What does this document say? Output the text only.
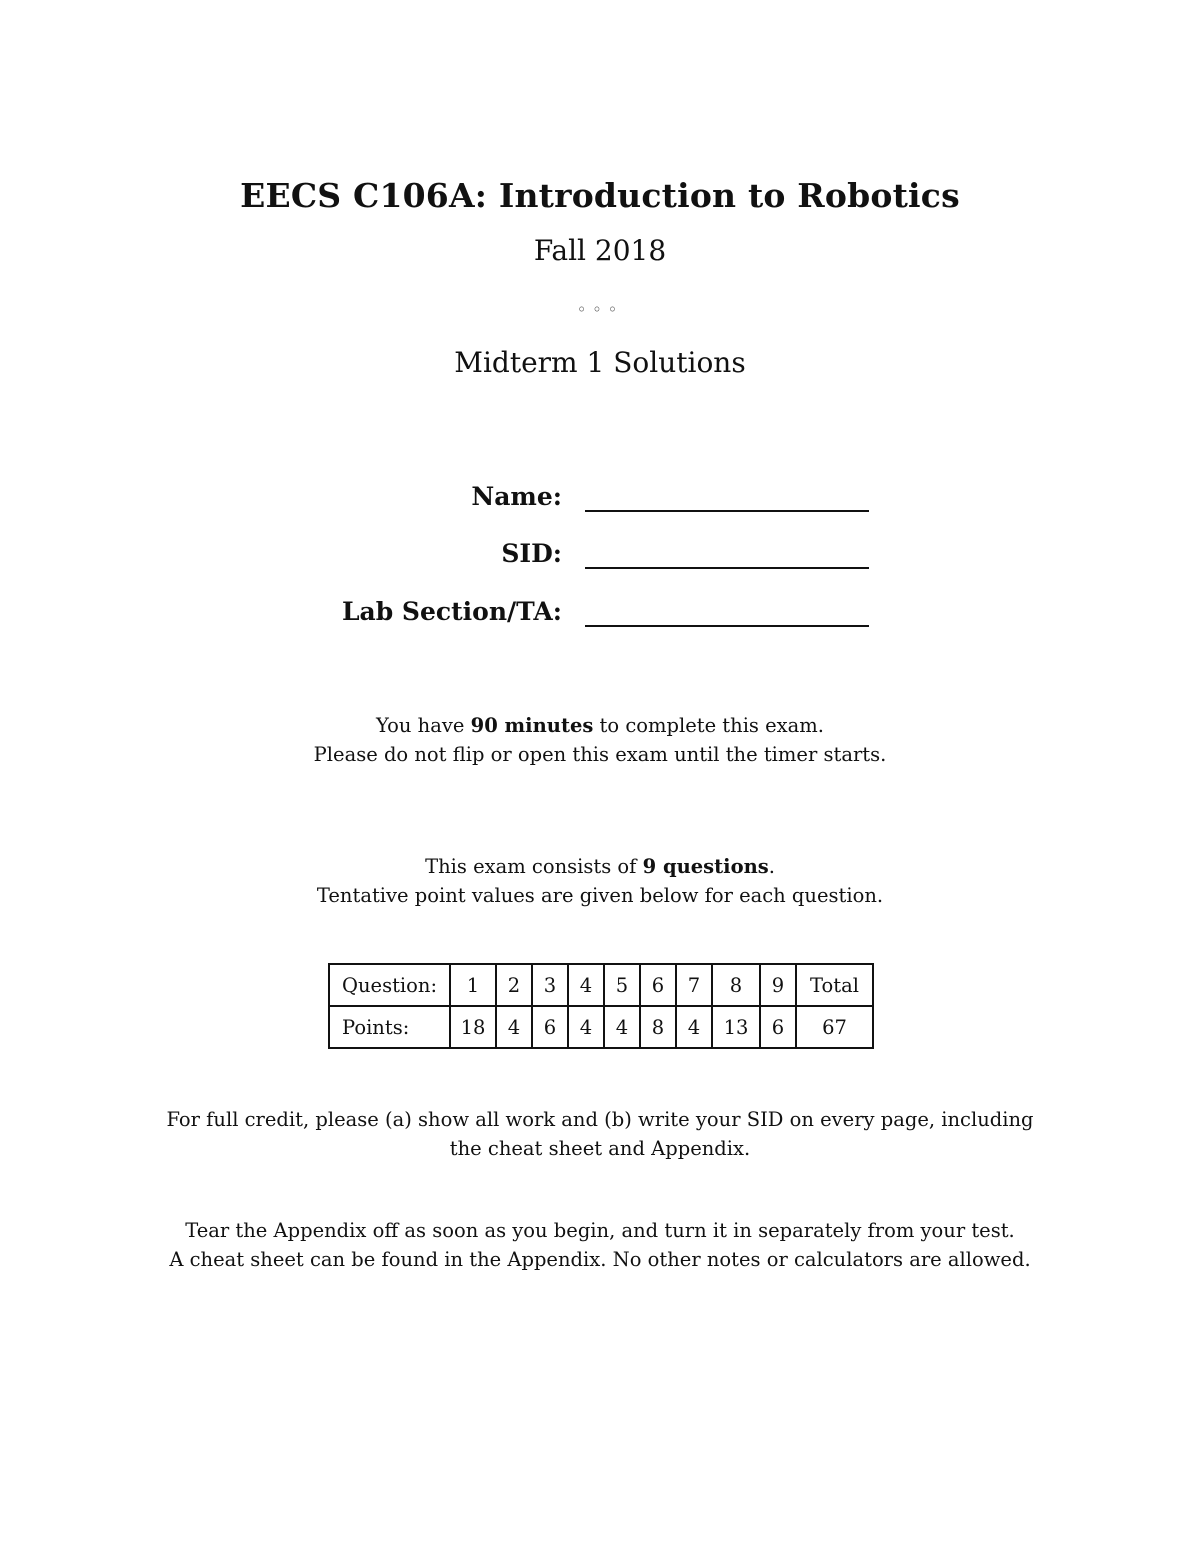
EECS C106A: Introduction to Robotics
Fall 2018
◦◦◦
Midterm 1 Solutions
Name:
SID:
Lab Section/TA:
You have 90 minutes to complete this exam.
Please do not flip or open this exam until the timer starts.
This exam consists of 9 questions.
Tentative point values are given below for each question.
Question:	1	2	3	4	5	6	7	8	9	Total
Points:	18	4	6	4	4	8	4	13	6	67
For full credit, please (a) show all work and (b) write your SID on every page, including
the cheat sheet and Appendix.
Tear the Appendix off as soon as you begin, and turn it in separately from your test.
A cheat sheet can be found in the Appendix. No other notes or calculators are allowed.
